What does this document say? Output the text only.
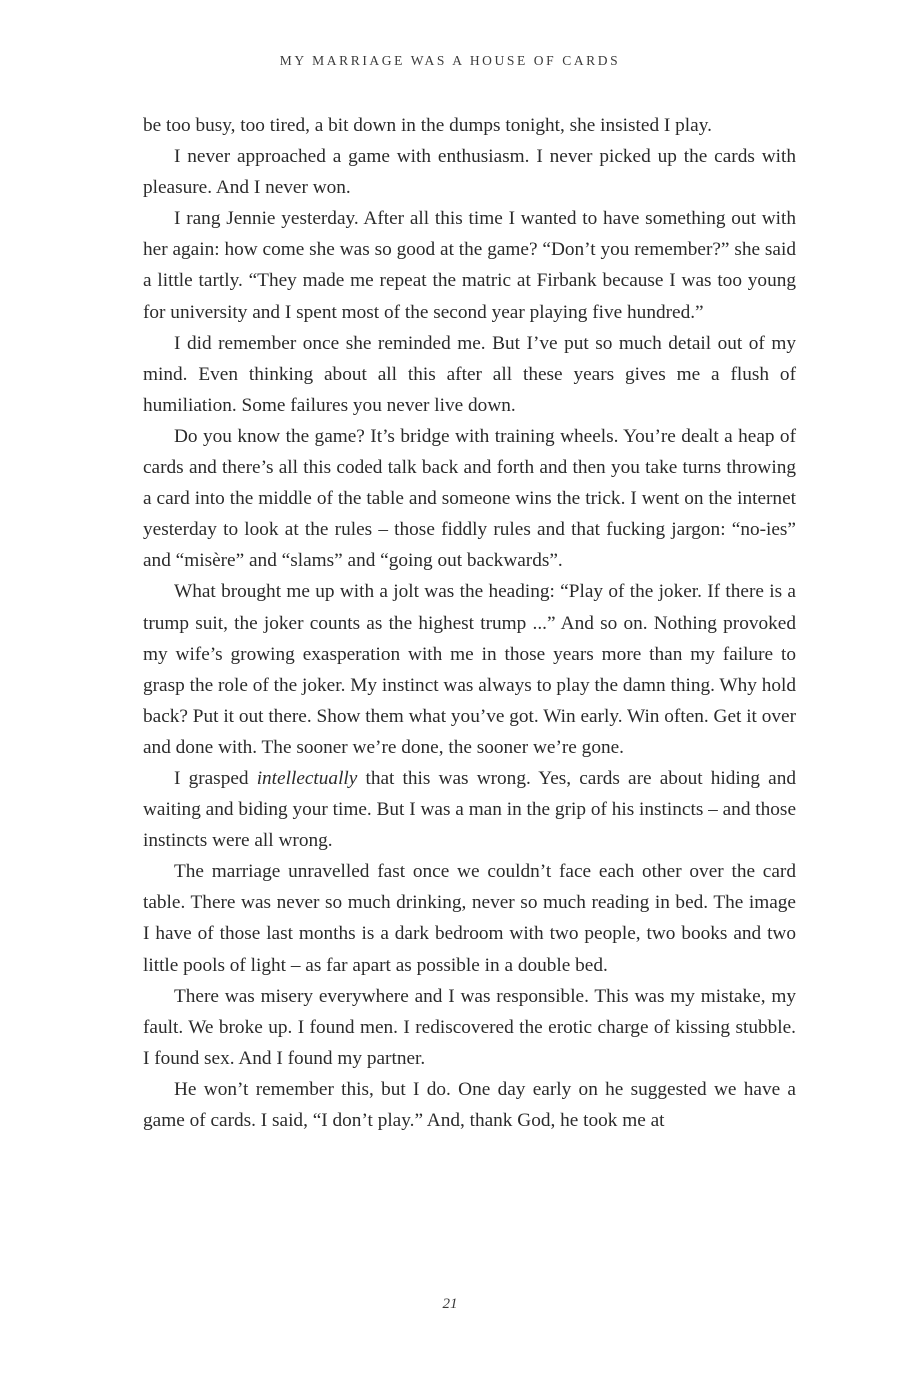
MY MARRIAGE WAS A HOUSE OF CARDS

be too busy, too tired, a bit down in the dumps tonight, she insisted I play.

I never approached a game with enthusiasm. I never picked up the cards with pleasure. And I never won.

I rang Jennie yesterday. After all this time I wanted to have something out with her again: how come she was so good at the game? “Don’t you remember?” she said a little tartly. “They made me repeat the matric at Firbank because I was too young for university and I spent most of the second year playing five hundred.”

I did remember once she reminded me. But I’ve put so much detail out of my mind. Even thinking about all this after all these years gives me a flush of humiliation. Some failures you never live down.

Do you know the game? It’s bridge with training wheels. You’re dealt a heap of cards and there’s all this coded talk back and forth and then you take turns throwing a card into the middle of the table and someone wins the trick. I went on the internet yesterday to look at the rules – those fiddly rules and that fucking jargon: “no-ies” and “misère” and “slams” and “going out backwards”.

What brought me up with a jolt was the heading: “Play of the joker. If there is a trump suit, the joker counts as the highest trump ...” And so on. Nothing provoked my wife’s growing exasperation with me in those years more than my failure to grasp the role of the joker. My instinct was always to play the damn thing. Why hold back? Put it out there. Show them what you’ve got. Win early. Win often. Get it over and done with. The sooner we’re done, the sooner we’re gone.

I grasped intellectually that this was wrong. Yes, cards are about hiding and waiting and biding your time. But I was a man in the grip of his instincts – and those instincts were all wrong.

The marriage unravelled fast once we couldn’t face each other over the card table. There was never so much drinking, never so much reading in bed. The image I have of those last months is a dark bedroom with two people, two books and two little pools of light – as far apart as possible in a double bed.

There was misery everywhere and I was responsible. This was my mistake, my fault. We broke up. I found men. I rediscovered the erotic charge of kissing stubble. I found sex. And I found my partner.

He won’t remember this, but I do. One day early on he suggested we have a game of cards. I said, “I don’t play.” And, thank God, he took me at

21
